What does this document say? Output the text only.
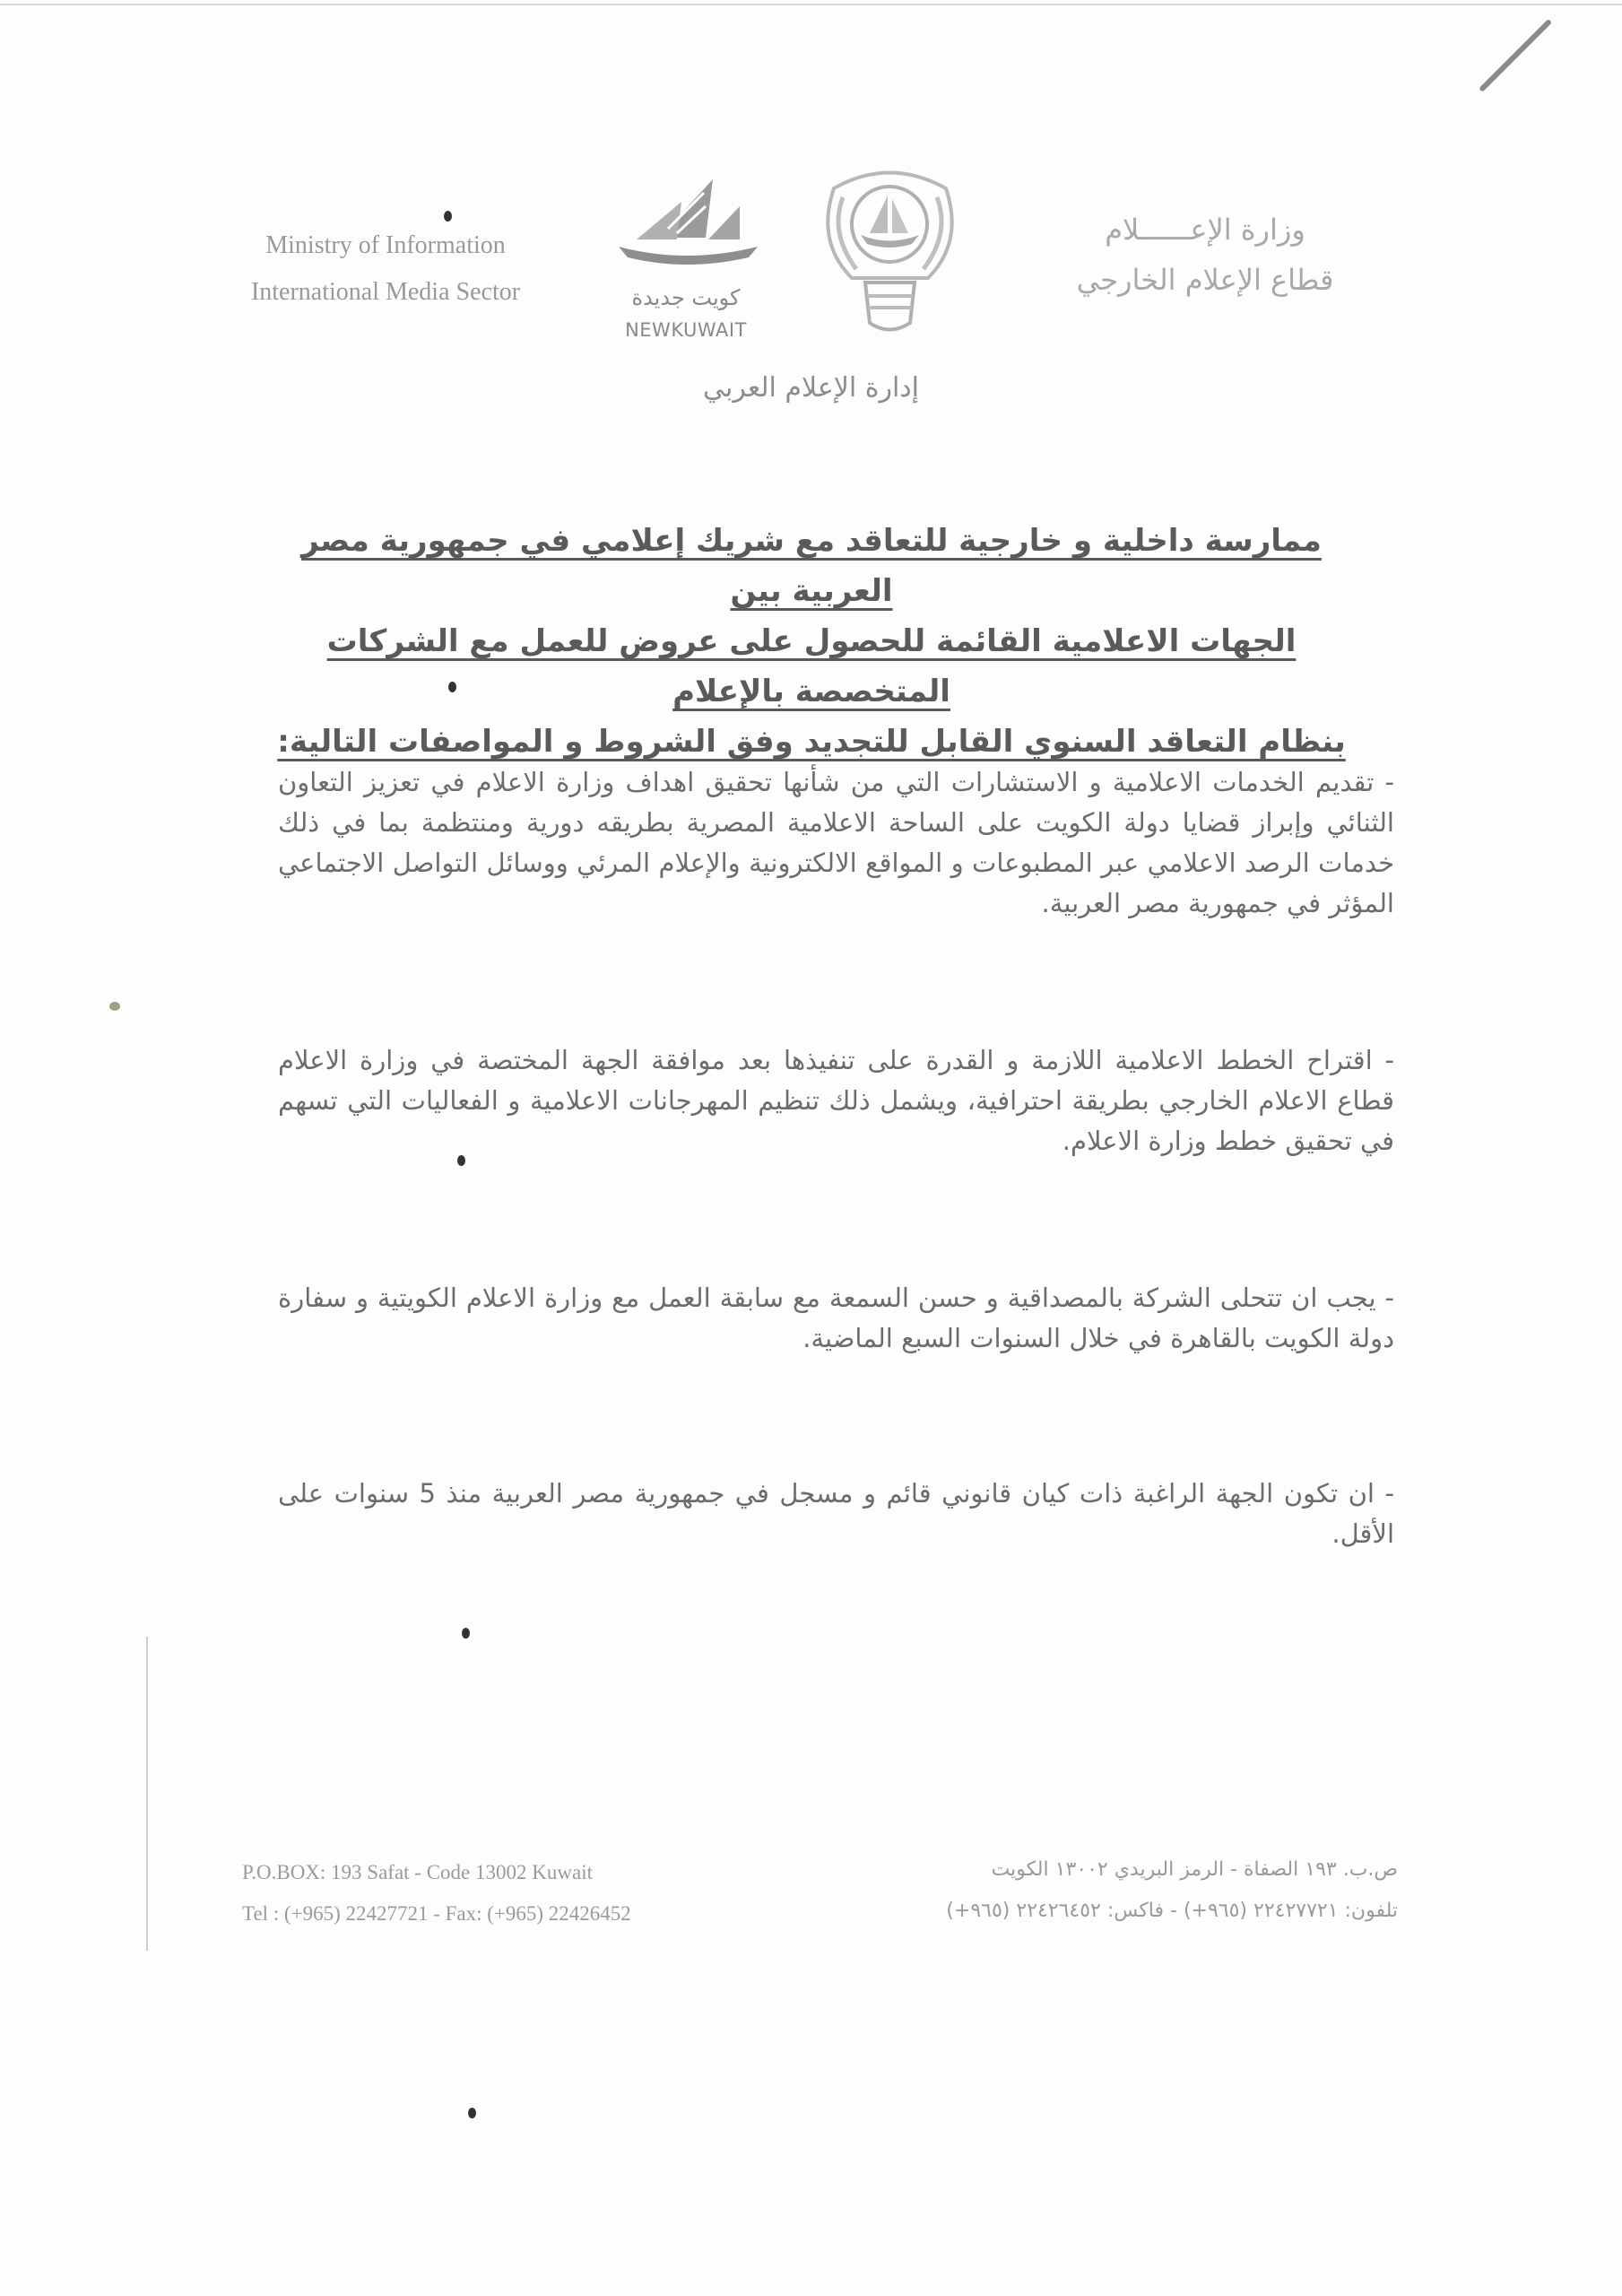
Ministry of Information
International Media Sector	كويت جديدة
NEWKUWAIT
وزارة الإعــــــلام
قطاع الإعلام الخارجي
إدارة الإعلام العربي
ممارسة داخلية و خارجية للتعاقد مع شريك إعلامي في جمهورية مصر العربية بين
الجهات الاعلامية القائمة للحصول على عروض للعمل مع الشركات المتخصصة بالإعلام
بنظام التعاقد السنوي القابل للتجديد وفق الشروط و المواصفات التالية:
- تقديم الخدمات الاعلامية و الاستشارات التي من شأنها تحقيق اهداف وزارة الاعلام في تعزيز التعاون الثنائي وإبراز قضايا دولة الكويت على الساحة الاعلامية المصرية بطريقه دورية ومنتظمة بما في ذلك خدمات الرصد الاعلامي عبر المطبوعات و المواقع الالكترونية والإعلام المرئي ووسائل التواصل الاجتماعي المؤثر في جمهورية مصر العربية.
- اقتراح الخطط الاعلامية اللازمة و القدرة على تنفيذها بعد موافقة الجهة المختصة في وزارة الاعلام قطاع الاعلام الخارجي بطريقة احترافية، ويشمل ذلك تنظيم المهرجانات الاعلامية و الفعاليات التي تسهم في تحقيق خطط وزارة الاعلام.
- يجب ان تتحلى الشركة بالمصداقية و حسن السمعة مع سابقة العمل مع وزارة الاعلام الكويتية و سفارة دولة الكويت بالقاهرة في خلال السنوات السبع الماضية.
- ان تكون الجهة الراغبة ذات كيان قانوني قائم و مسجل في جمهورية مصر العربية منذ 5 سنوات على الأقل.
P.O.BOX: 193 Safat - Code 13002 Kuwait
Tel : (+965) 22427721 - Fax: (+965) 22426452
ص.ب. ١٩٣ الصفاة - الرمز البريدي ١٣٠٠٢ الكويت
تلفون: ٢٢٤٢٧٧٢١ (٩٦٥+) - فاكس: ٢٢٤٢٦٤٥٢ (٩٦٥+)
